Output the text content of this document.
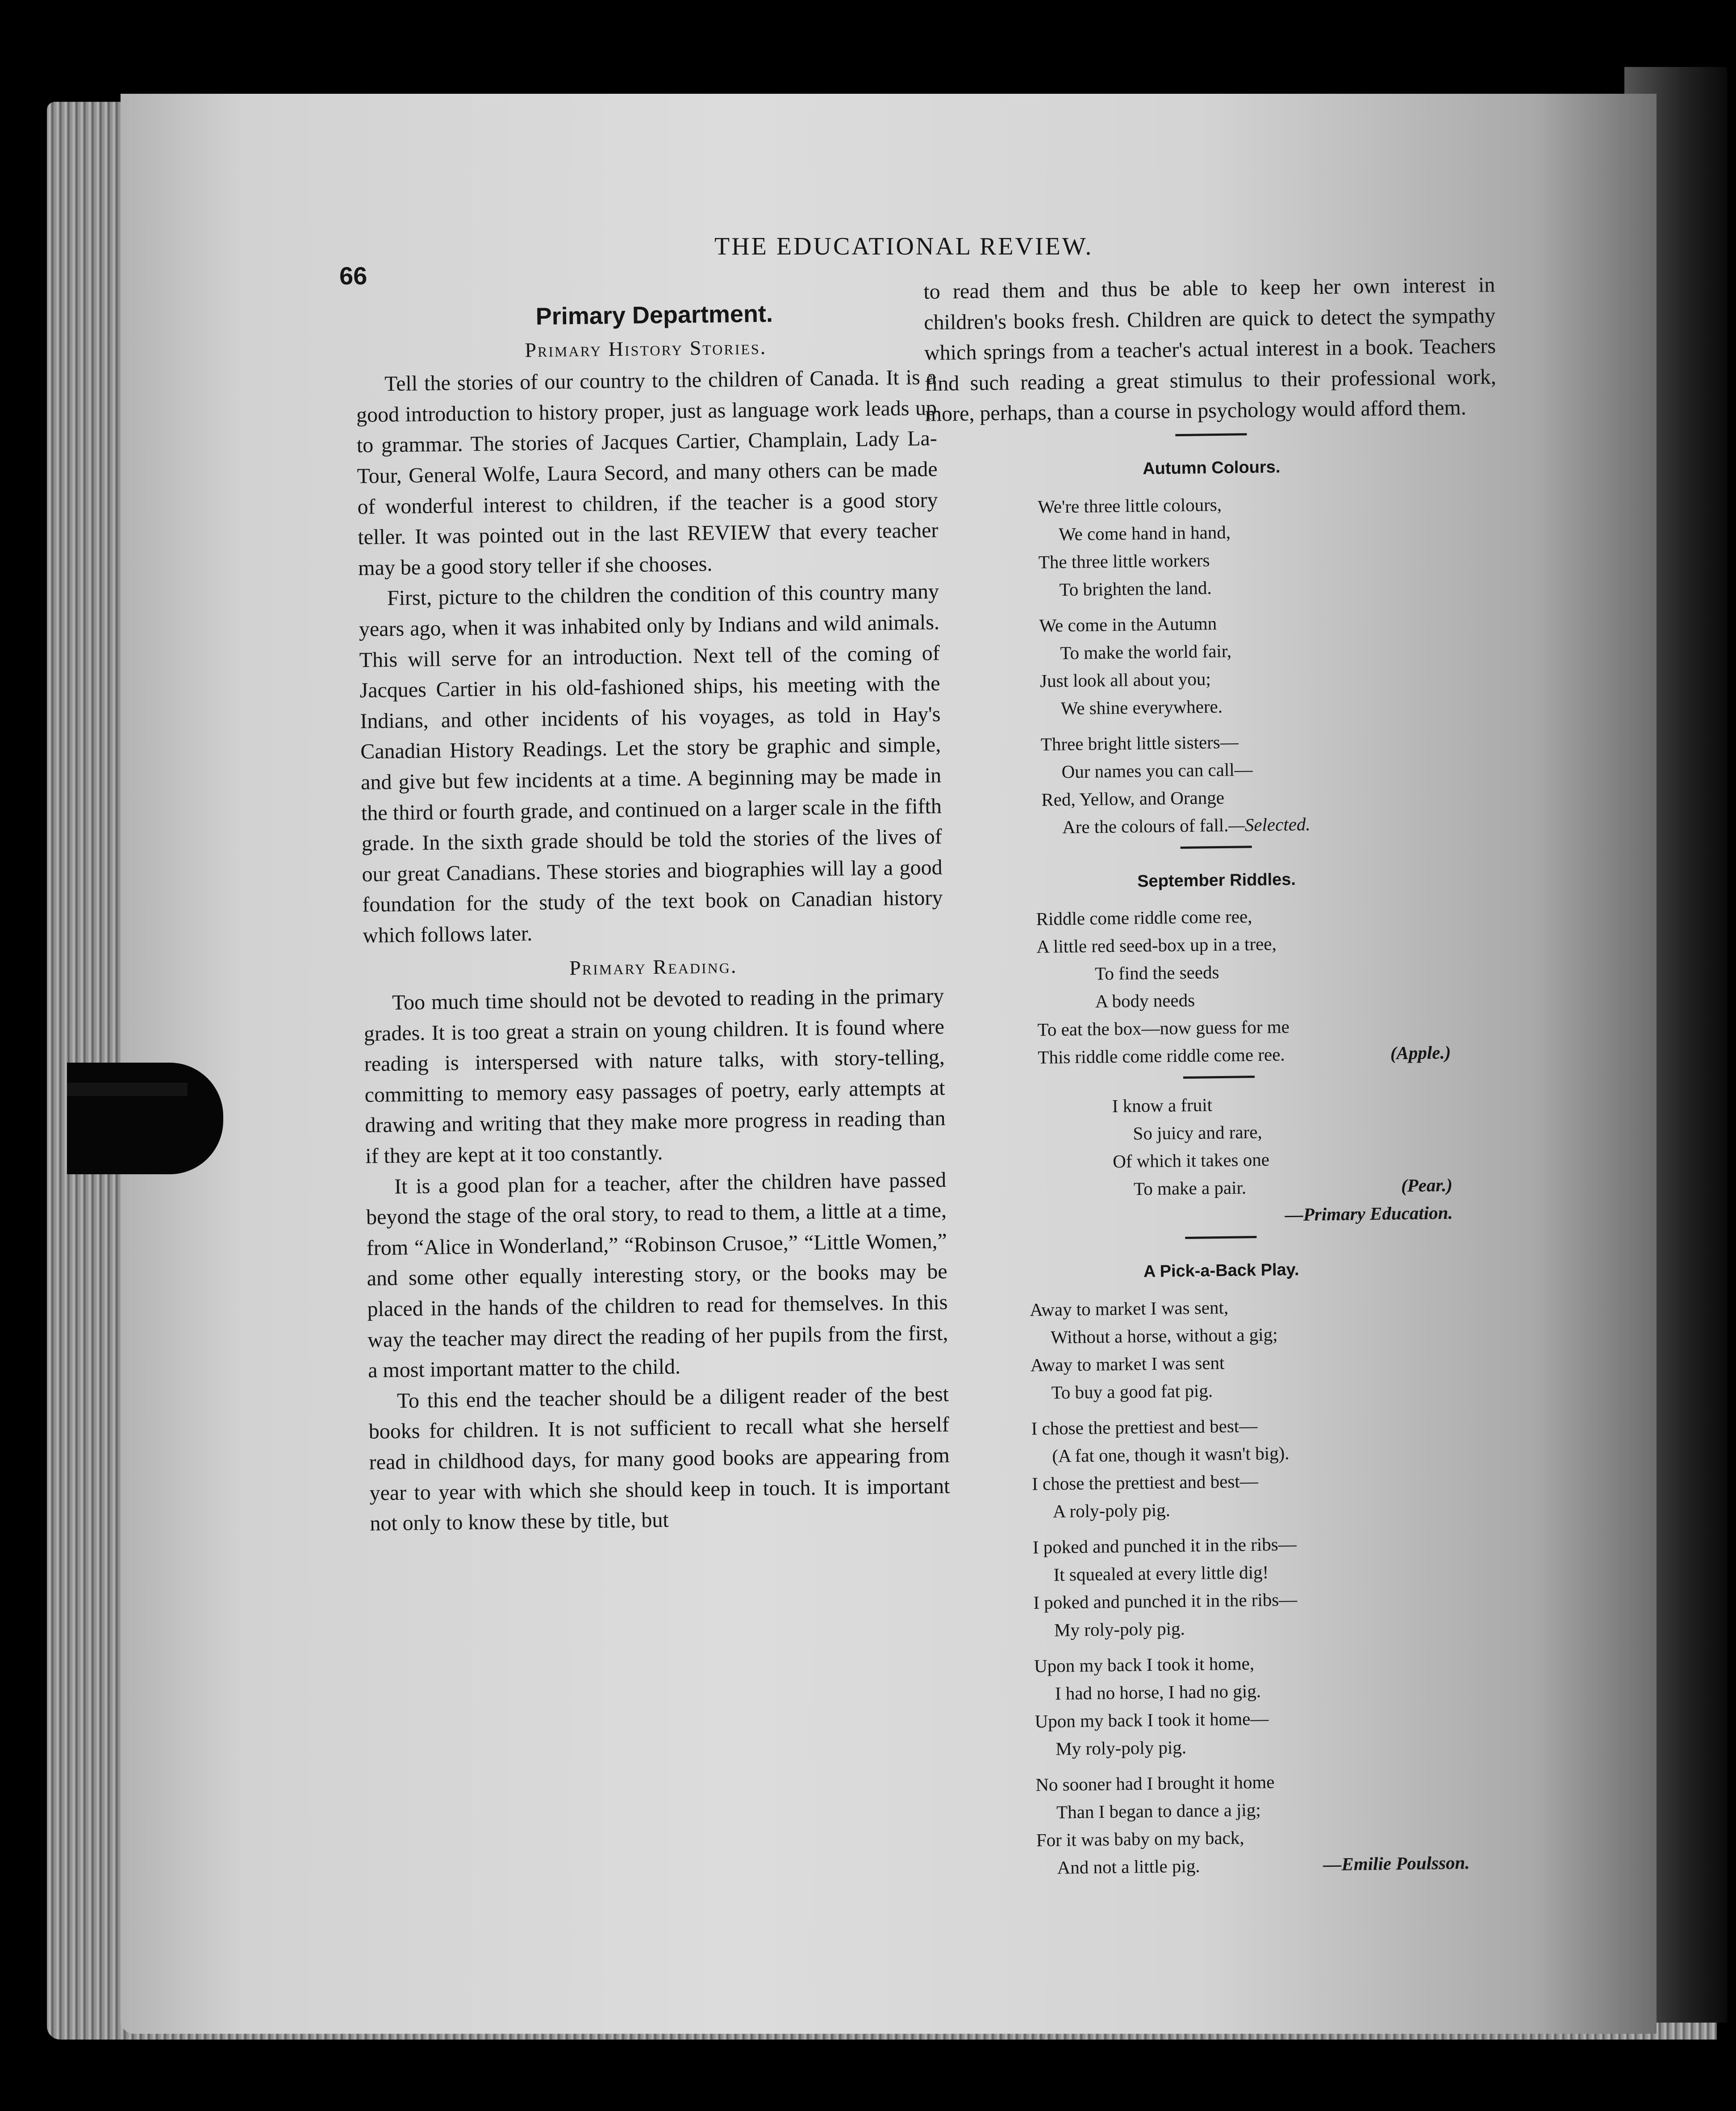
66
THE EDUCATIONAL REVIEW.
Primary Department.
Primary History Stories.

Tell the stories of our country to the children of Canada. It is a good introduction to history proper, just as language work leads up to grammar. The stories of Jacques Cartier, Champlain, Lady La-Tour, General Wolfe, Laura Secord, and many others can be made of wonderful interest to children, if the teacher is a good story teller. It was pointed out in the last REVIEW that every teacher may be a good story teller if she chooses.

First, picture to the children the condition of this country many years ago, when it was inhabited only by Indians and wild animals. This will serve for an introduction. Next tell of the coming of Jacques Cartier in his old-fashioned ships, his meeting with the Indians, and other incidents of his voyages, as told in Hay's Canadian History Readings. Let the story be graphic and simple, and give but few incidents at a time. A beginning may be made in the third or fourth grade, and continued on a larger scale in the fifth grade. In the sixth grade should be told the stories of the lives of our great Canadians. These stories and biographies will lay a good foundation for the study of the text book on Canadian history which follows later.

Primary Reading.

Too much time should not be devoted to reading in the primary grades. It is too great a strain on young children. It is found where reading is interspersed with nature talks, with story-telling, committing to memory easy passages of poetry, early attempts at drawing and writing that they make more progress in reading than if they are kept at it too constantly.

It is a good plan for a teacher, after the children have passed beyond the stage of the oral story, to read to them, a little at a time, from “Alice in Wonderland,” “Robinson Crusoe,” “Little Women,” and some other equally interesting story, or the books may be placed in the hands of the children to read for themselves. In this way the teacher may direct the reading of her pupils from the first, a most important matter to the child.

To this end the teacher should be a diligent reader of the best books for children. It is not sufficient to recall what she herself read in childhood days, for many good books are appearing from year to year with which she should keep in touch. It is important not only to know these by title, but

to read them and thus be able to keep her own interest in children's books fresh. Children are quick to detect the sympathy which springs from a teacher's actual interest in a book. Teachers find such reading a great stimulus to their professional work, more, perhaps, than a course in psychology would afford them.

Autumn Colours.
We're three little colours,
We come hand in hand,
The three little workers
To brighten the land.
We come in the Autumn
To make the world fair,
Just look all about you;
We shine everywhere.
Three bright little sisters—
Our names you can call—
Red, Yellow, and Orange
Are the colours of fall.—Selected.
September Riddles.
Riddle come riddle come ree,
A little red seed-box up in a tree,
To find the seeds
A body needs
To eat the box—now guess for me
This riddle come riddle come ree.	(Apple.)
I know a fruit
So juicy and rare,
Of which it takes one
To make a pair.	(Pear.)

—Primary Education.

A Pick-a-Back Play.
Away to market I was sent,
Without a horse, without a gig;
Away to market I was sent
To buy a good fat pig.
I chose the prettiest and best—
(A fat one, though it wasn't big).
I chose the prettiest and best—
A roly-poly pig.
I poked and punched it in the ribs—
It squealed at every little dig!
I poked and punched it in the ribs—
My roly-poly pig.
Upon my back I took it home,
I had no horse, I had no gig.
Upon my back I took it home—
My roly-poly pig.
No sooner had I brought it home
Than I began to dance a jig;
For it was baby on my back,
And not a little pig.	—Emilie Poulsson.
